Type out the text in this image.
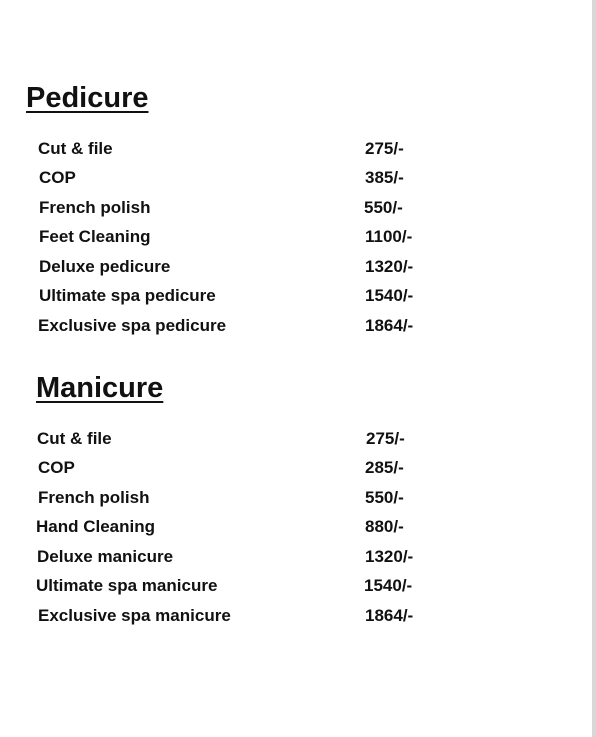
Pedicure
Cut & file	275/-
COP	385/-
French polish	550/-
Feet Cleaning	1100/-
Deluxe pedicure	1320/-
Ultimate spa pedicure	1540/-
Exclusive spa pedicure	1864/-
Manicure
Cut & file	275/-
COP	285/-
French polish	550/-
Hand Cleaning	880/-
Deluxe manicure	1320/-
Ultimate spa manicure	1540/-
Exclusive spa manicure	1864/-
